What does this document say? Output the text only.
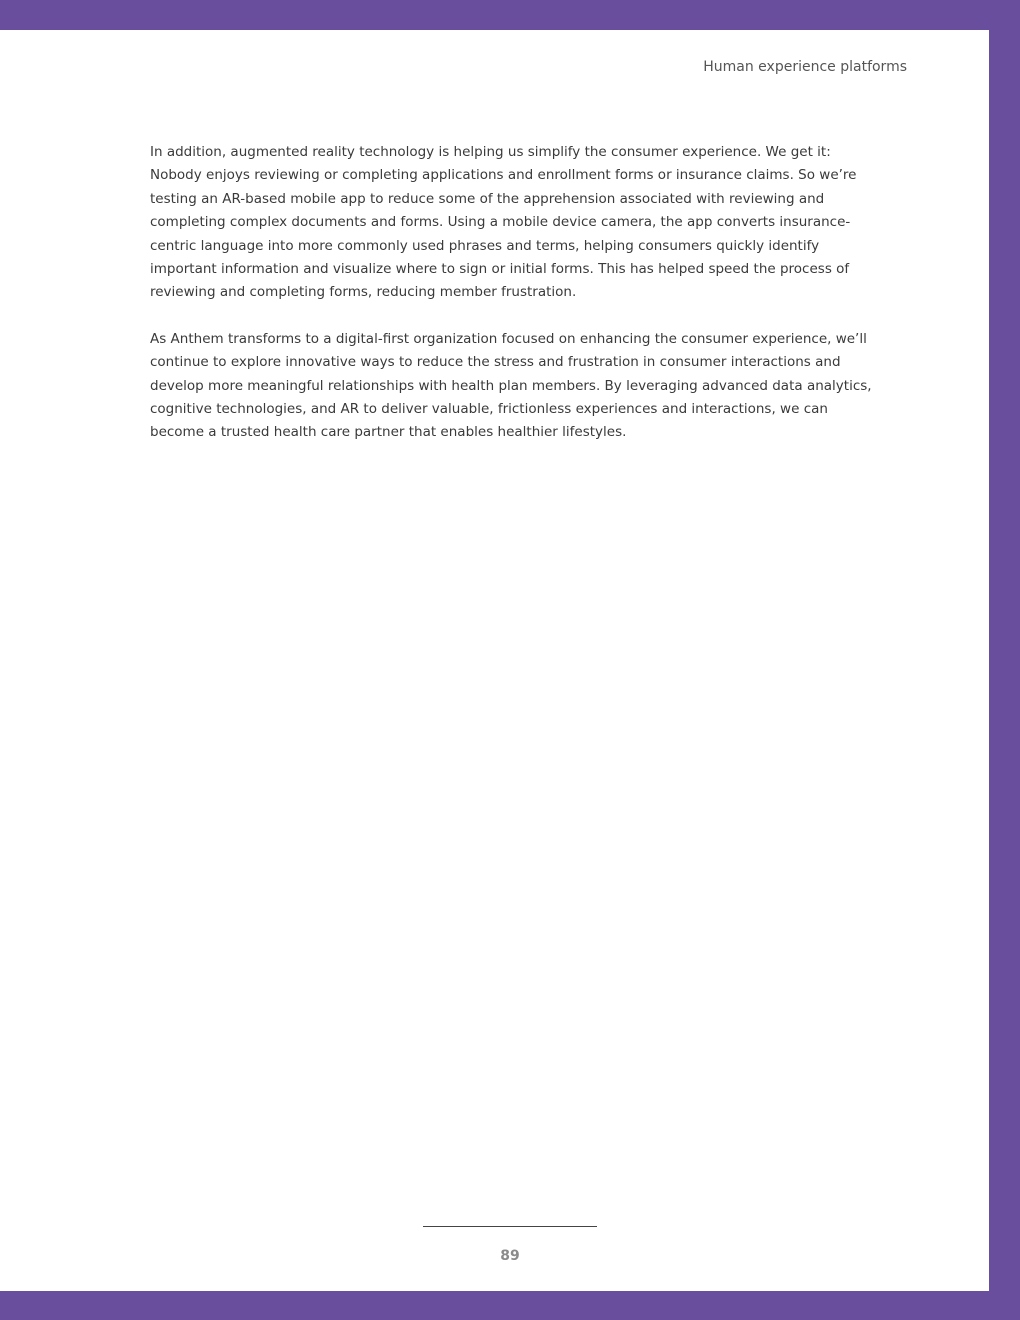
Human experience platforms

In addition, augmented reality technology is helping us simplify the consumer experience. We get it: Nobody enjoys reviewing or completing applications and enrollment forms or insurance claims. So we’re testing an AR-based mobile app to reduce some of the apprehension associated with reviewing and completing complex documents and forms. Using a mobile device camera, the app converts insurance-centric language into more commonly used phrases and terms, helping consumers quickly identify important information and visualize where to sign or initial forms. This has helped speed the process of reviewing and completing forms, reducing member frustration.

As Anthem transforms to a digital-first organization focused on enhancing the consumer experience, we’ll continue to explore innovative ways to reduce the stress and frustration in consumer interactions and develop more meaningful relationships with health plan members. By leveraging advanced data analytics, cognitive technologies, and AR to deliver valuable, frictionless experiences and interactions, we can become a trusted health care partner that enables healthier lifestyles.

89
